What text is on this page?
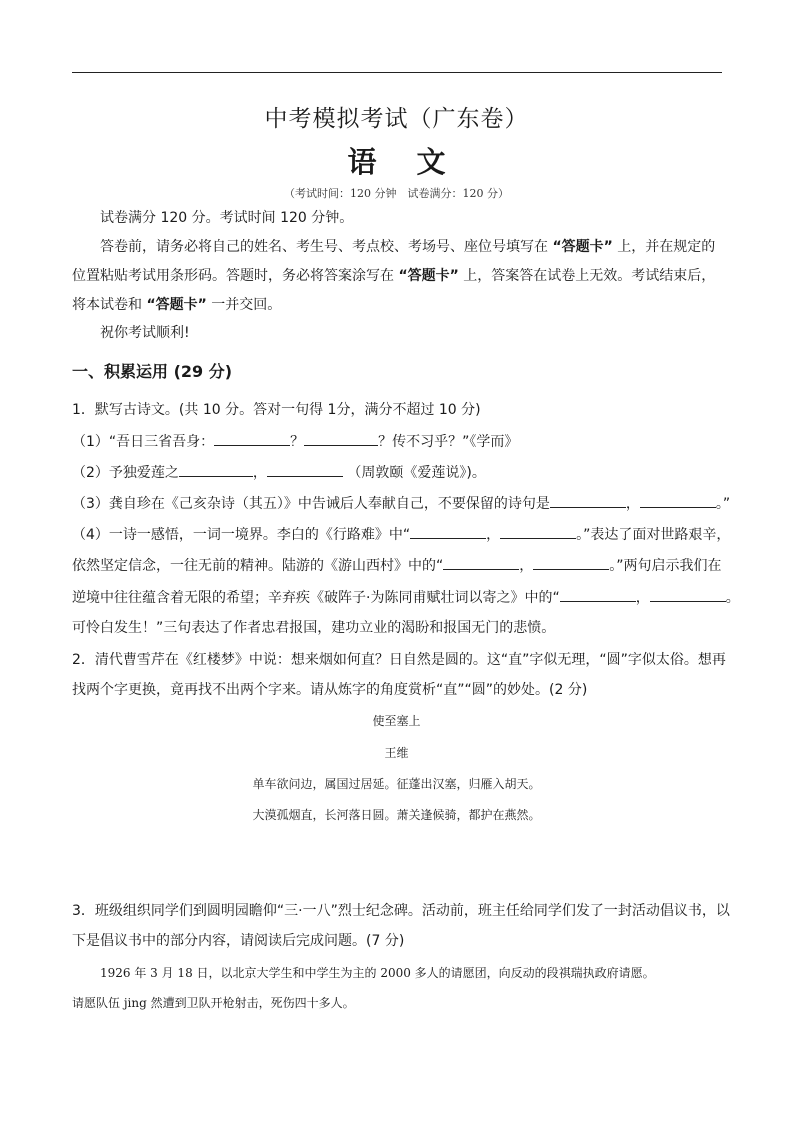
中考模拟考试（广东卷）
语 文
（考试时间：120 分钟　试卷满分：120 分）
试卷满分 120 分。考试时间 120 分钟。
答卷前，请务必将自己的姓名、考生号、考点校、考场号、座位号填写在 “答题卡” 上，并在规定的
位置粘贴考试用条形码。答题时，务必将答案涂写在 “答题卡” 上，答案答在试卷上无效。考试结束后，
将本试卷和 “答题卡” 一并交回。
祝你考试顺利!
一、积累运用 (29 分)
1．默写古诗文。(共 10 分。答对一句得 1分，满分不超过 10 分)
（1）“吾日三省吾身：	？	？传不习乎？”《学而》
（2）予独爱莲之	，	（周敦颐《爱莲说》)。
（3）龚自珍在《己亥杂诗（其五）》中告诫后人奉献自己，不要保留的诗句是	，	。”
（4）一诗一感悟，一词一境界。李白的《行路难》中“	，	。”表达了面对世路艰辛，
依然坚定信念，一往无前的精神。陆游的《游山西村》中的“	，	。”两句启示我们在
逆境中往往蕴含着无限的希望；辛弃疾《破阵子·为陈同甫赋壮词以寄之》中的“	，	。
可怜白发生！”三句表达了作者忠君报国，建功立业的渴盼和报国无门的悲愤。
2．清代曹雪芹在《红楼梦》中说：想来烟如何直？日自然是圆的。这“直”字似无理，“圆”字似太俗。想再
找两个字更换，竟再找不出两个字来。请从炼字的角度赏析“直”“圆”的妙处。(2 分)
使至塞上
王维
单车欲问边，属国过居延。征蓬出汉塞，归雁入胡天。
大漠孤烟直，长河落日圆。萧关逢候骑，都护在燕然。
3．班级组织同学们到圆明园瞻仰“三·一八”烈士纪念碑。活动前，班主任给同学们发了一封活动倡议书，以
下是倡议书中的部分内容，请阅读后完成问题。(7 分)
1926 年 3 月 18 日，以北京大学生和中学生为主的 2000 多人的请愿团，向反动的段祺瑞执政府请愿。
请愿队伍 jing 然遭到卫队开枪射击，死伤四十多人。
